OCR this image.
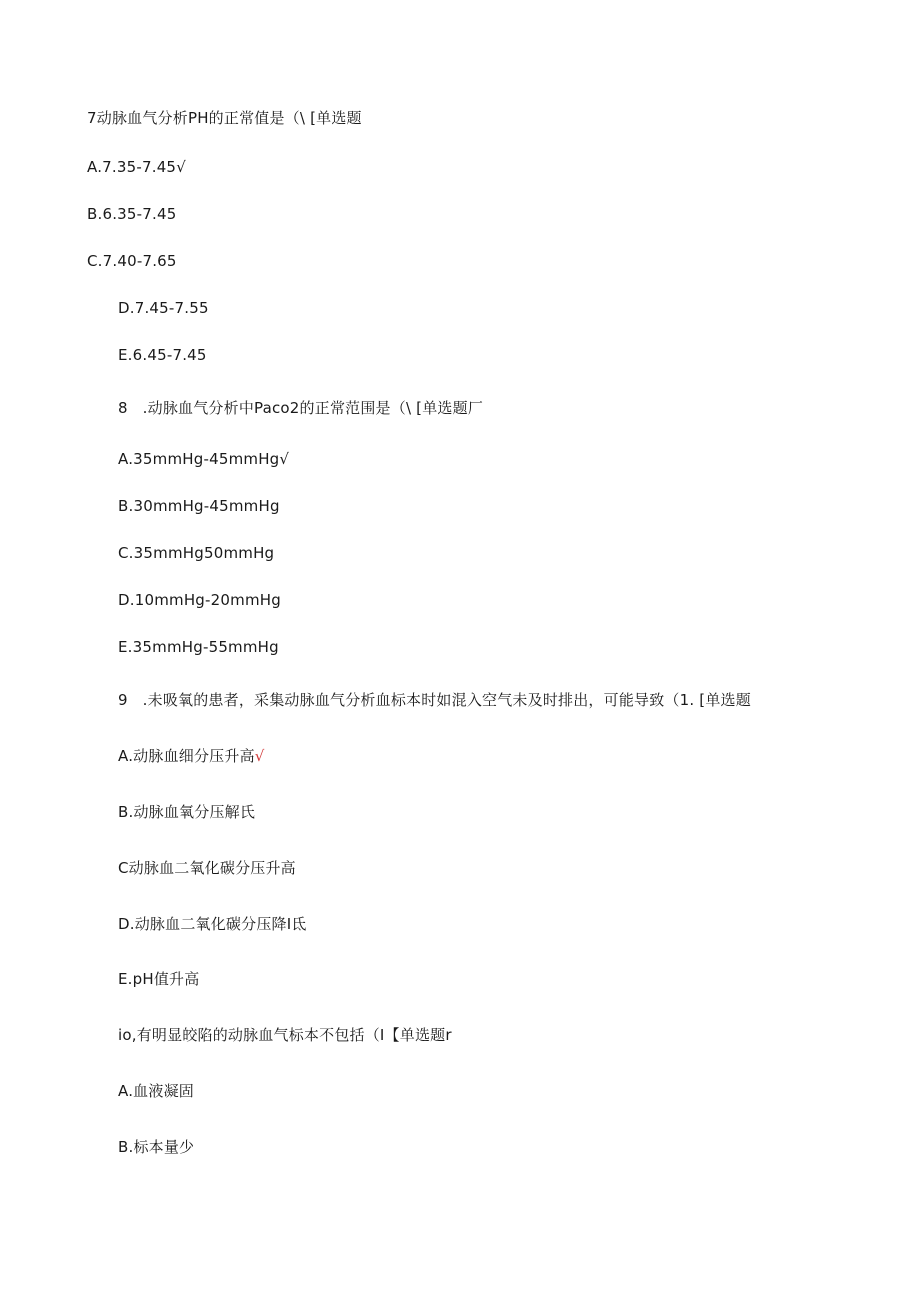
7动脉血气分析PH的正常值是（\ [单选题
A.7.35-7.45√
B.6.35-7.45
C.7.40-7.65
D.7.45-7.55
E.6.45-7.45
8   .动脉血气分析中Paco2的正常范围是（\ [单选题厂
A.35mmHg-45mmHg√
B.30mmHg-45mmHg
C.35mmHg50mmHg
D.10mmHg-20mmHg
E.35mmHg-55mmHg
9   .未吸氧的患者，采集动脉血气分析血标本时如混入空气未及时排出，可能导致（1. [单选题
A.动脉血细分压升高√
B.动脉血氧分压解氏
C动脉血二氧化碳分压升高
D.动脉血二氧化碳分压降I氐
E.pH值升高
io,有明显皎陷的动脉血气标本不包括（I【单选题r
A.血液凝固
B.标本量少
